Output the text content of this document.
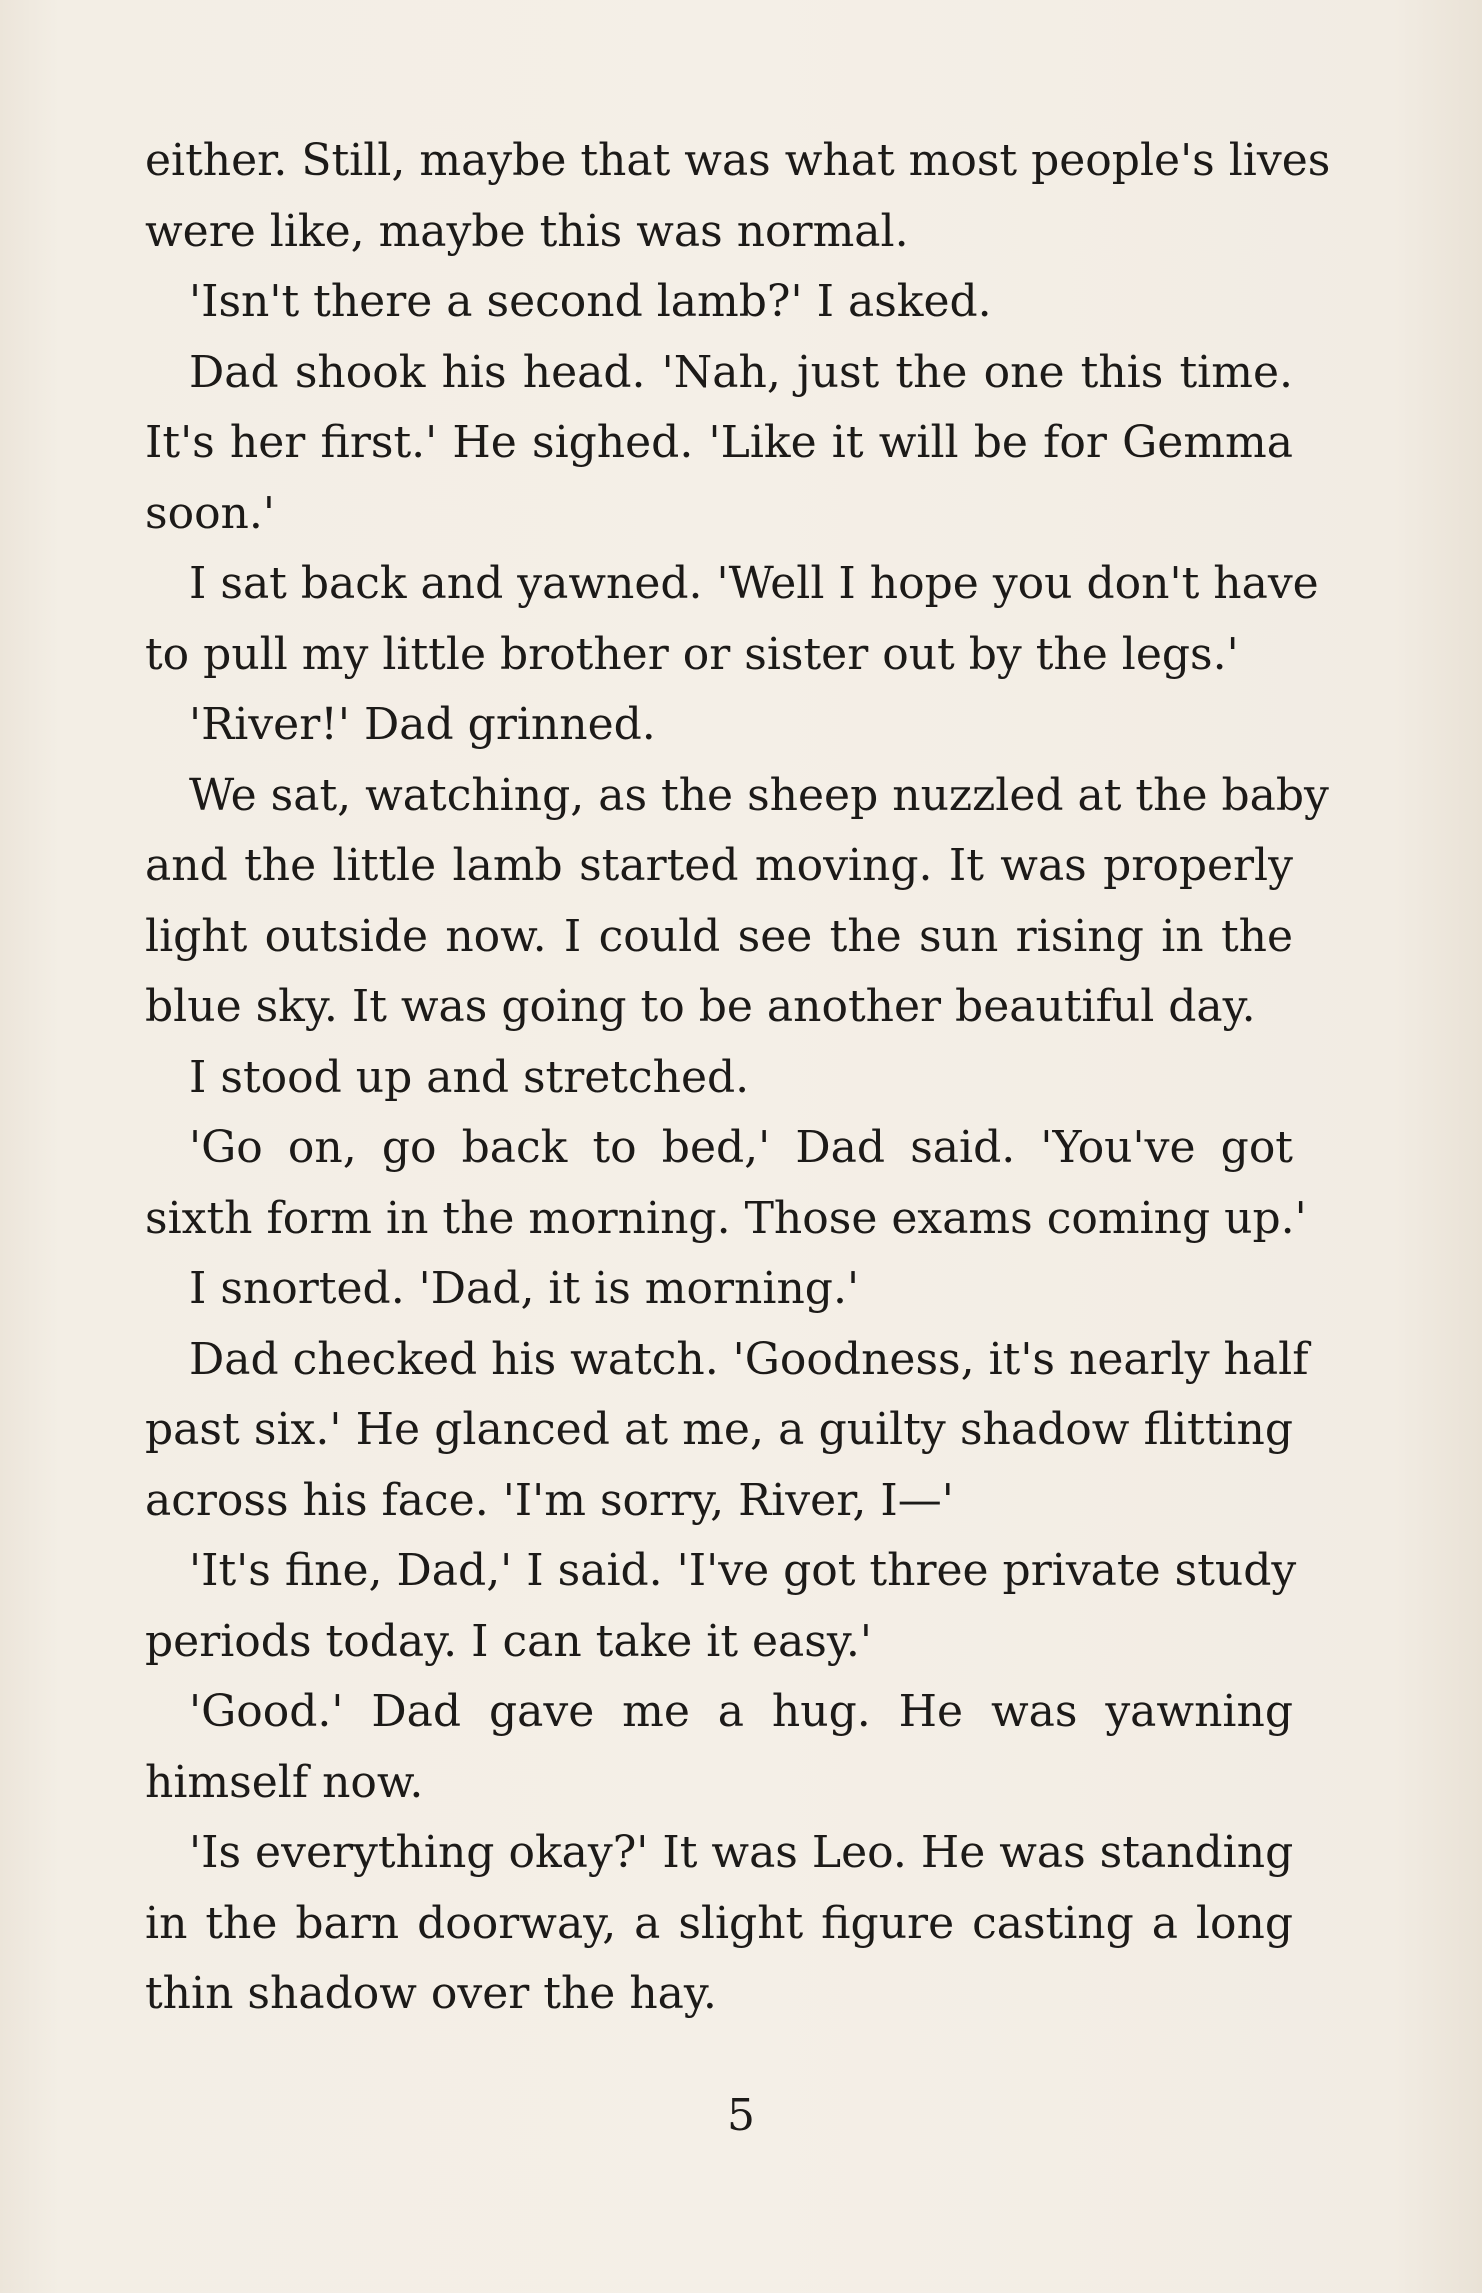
either. Still, maybe that was what most people's lives
were like, maybe this was normal.
'Isn't there a second lamb?' I asked.
Dad shook his head. 'Nah, just the one this time.
It's her first.' He sighed. 'Like it will be for Gemma
soon.'
I sat back and yawned. 'Well I hope you don't have
to pull my little brother or sister out by the legs.'
'River!' Dad grinned.
We sat, watching, as the sheep nuzzled at the baby
and the little lamb started moving. It was properly
light outside now. I could see the sun rising in the
blue sky. It was going to be another beautiful day.
I stood up and stretched.
'Go on, go back to bed,' Dad said. 'You've got
sixth form in the morning. Those exams coming up.'
I snorted. 'Dad, it is morning.'
Dad checked his watch. 'Goodness, it's nearly half
past six.' He glanced at me, a guilty shadow flitting
across his face. 'I'm sorry, River, I—'
'It's fine, Dad,' I said. 'I've got three private study
periods today. I can take it easy.'
'Good.' Dad gave me a hug. He was yawning
himself now.
'Is everything okay?' It was Leo. He was standing
in the barn doorway, a slight figure casting a long
thin shadow over the hay.
5
